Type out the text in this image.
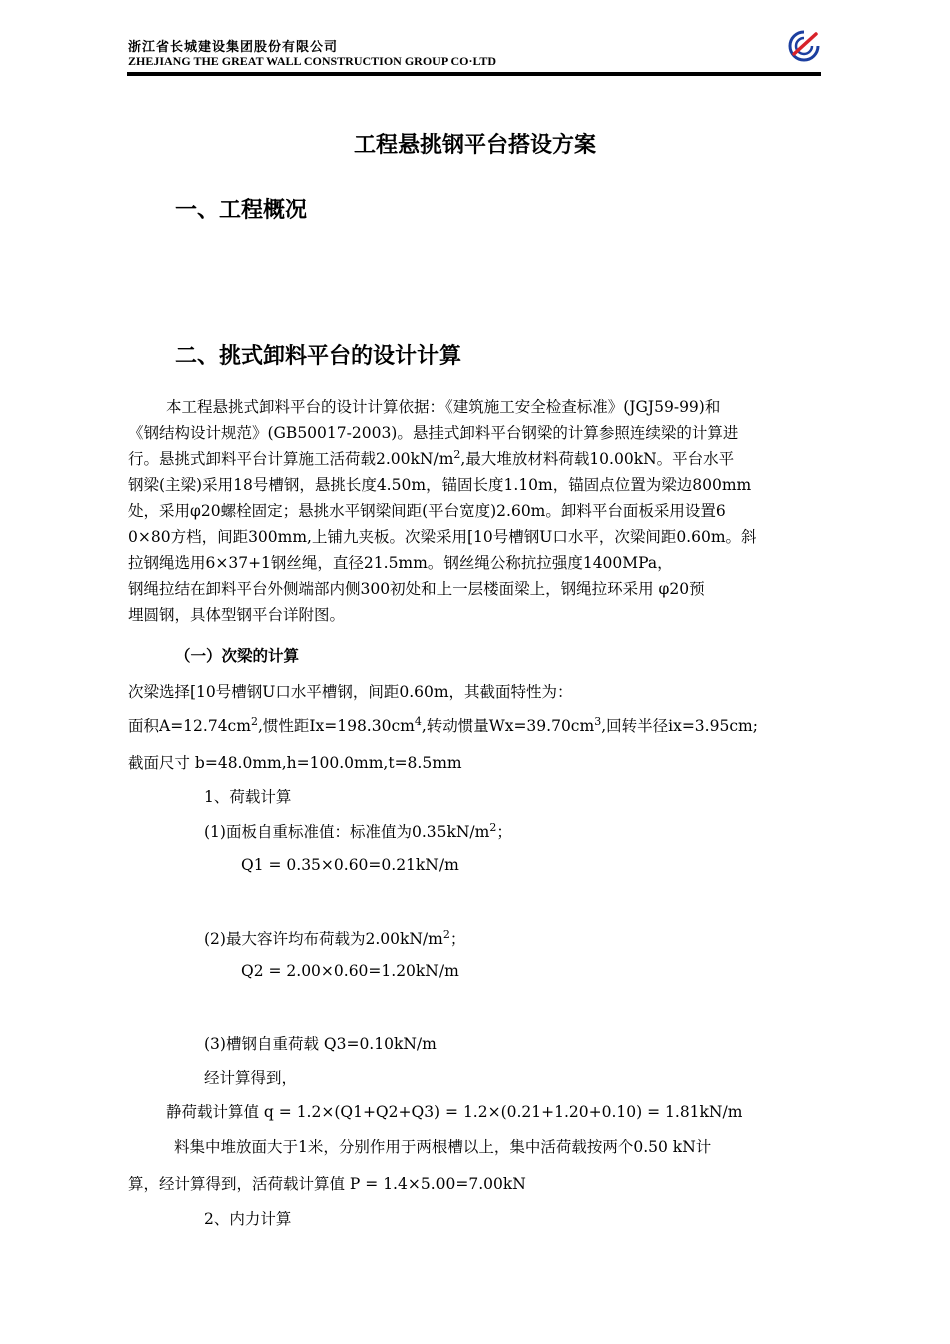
浙江省长城建设集团股份有限公司
ZHEJIANG THE GREAT WALL CONSTRUCTION GROUP CO·LTD
工程悬挑钢平台搭设方案
一、工程概况
二、挑式卸料平台的设计计算
本工程悬挑式卸料平台的设计计算依据：《建筑施工安全检查标准》(JGJ59-99)和
《钢结构设计规范》(GB50017-2003)。悬挂式卸料平台钢梁的计算参照连续梁的计算进
行。悬挑式卸料平台计算施工活荷载$2.00kN/m^2$,最大堆放材料荷载10.00kN。平台水平
钢梁(主梁)采用18号槽钢，悬挑长度4.50m，锚固长度1.10m，锚固点位置为梁边800mm
处，采用φ20螺栓固定；悬挑水平钢梁间距(平台宽度)2.60m。卸料平台面板采用设置6
0×80方档，间距300mm,上铺九夹板。次梁采用[10号槽钢U口水平，次梁间距0.60m。斜
拉钢绳选用6×37+1钢丝绳，直径21.5mm。钢丝绳公称抗拉强度1400MPa，
钢绳拉结在卸料平台外侧端部内侧300初处和上一层楼面梁上，钢绳拉环采用 φ20预
埋圆钢，具体型钢平台详附图。
（一）次梁的计算
次梁选择[10号槽钢U口水平槽钢，间距0.60m，其截面特性为：
面积$A=12.74cm^2$,惯性距$Ix=198.30cm^4$,转动惯量$Wx=39.70cm^3$,回转半径ix=3.95cm;
截面尺寸 b=48.0mm,h=100.0mm,t=8.5mm
1、荷载计算
(1)面板自重标准值：标准值为$0.35kN/m^2$；
Q1 = 0.35×0.60=0.21kN/m
(2)最大容许均布荷载为$2.00kN/m^2$；
Q2 = 2.00×0.60=1.20kN/m
(3)槽钢自重荷载 Q3=0.10kN/m
经计算得到，
静荷载计算值 q = 1.2×(Q1+Q2+Q3) = 1.2×(0.21+1.20+0.10) = 1.81kN/m
料集中堆放面大于1米，分别作用于两根槽以上，集中活荷载按两个0.50 kN计
算，经计算得到，活荷载计算值 P = 1.4×5.00=7.00kN
2、内力计算
